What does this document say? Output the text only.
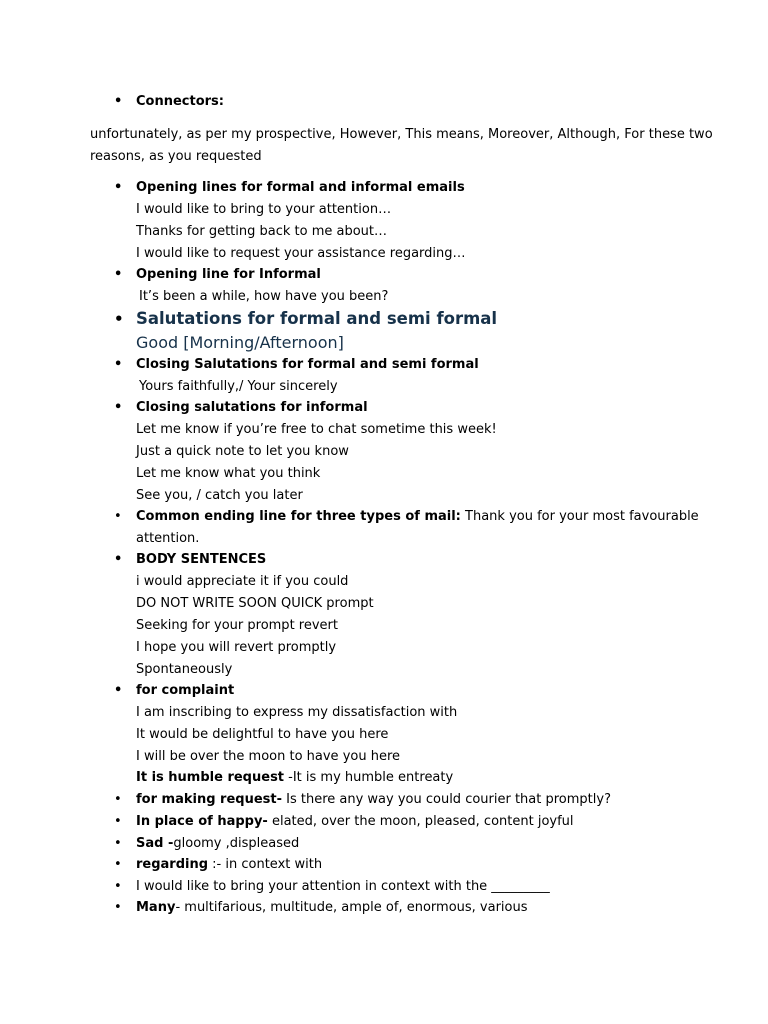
• Connectors:
unfortunately, as per my prospective, However, This means, Moreover, Although, For these two
reasons, as you requested
• Opening lines for formal and informal emails
I would like to bring to your attention…
Thanks for getting back to me about…
I would like to request your assistance regarding…
• Opening line for Informal
It’s been a while, how have you been?
• Salutations for formal and semi formal
Good [Morning/Afternoon]
• Closing Salutations for formal and semi formal
Yours faithfully,/ Your sincerely
• Closing salutations for informal
Let me know if you’re free to chat sometime this week!
Just a quick note to let you know
Let me know what you think
See you, / catch you later
• Common ending line for three types of mail: Thank you for your most favourable
attention.
• BODY SENTENCES
i would appreciate it if you could
DO NOT WRITE SOON QUICK prompt
Seeking for your prompt revert
I hope you will revert promptly
Spontaneously
• for complaint
I am inscribing to express my dissatisfaction with
It would be delightful to have you here
I will be over the moon to have you here
It is humble request -It is my humble entreaty
• for making request- Is there any way you could courier that promptly?
• In place of happy- elated, over the moon, pleased, content joyful
• Sad -gloomy ,displeased
• regarding :- in context with
• I would like to bring your attention in context with the _________
• Many- multifarious, multitude, ample of, enormous, various
